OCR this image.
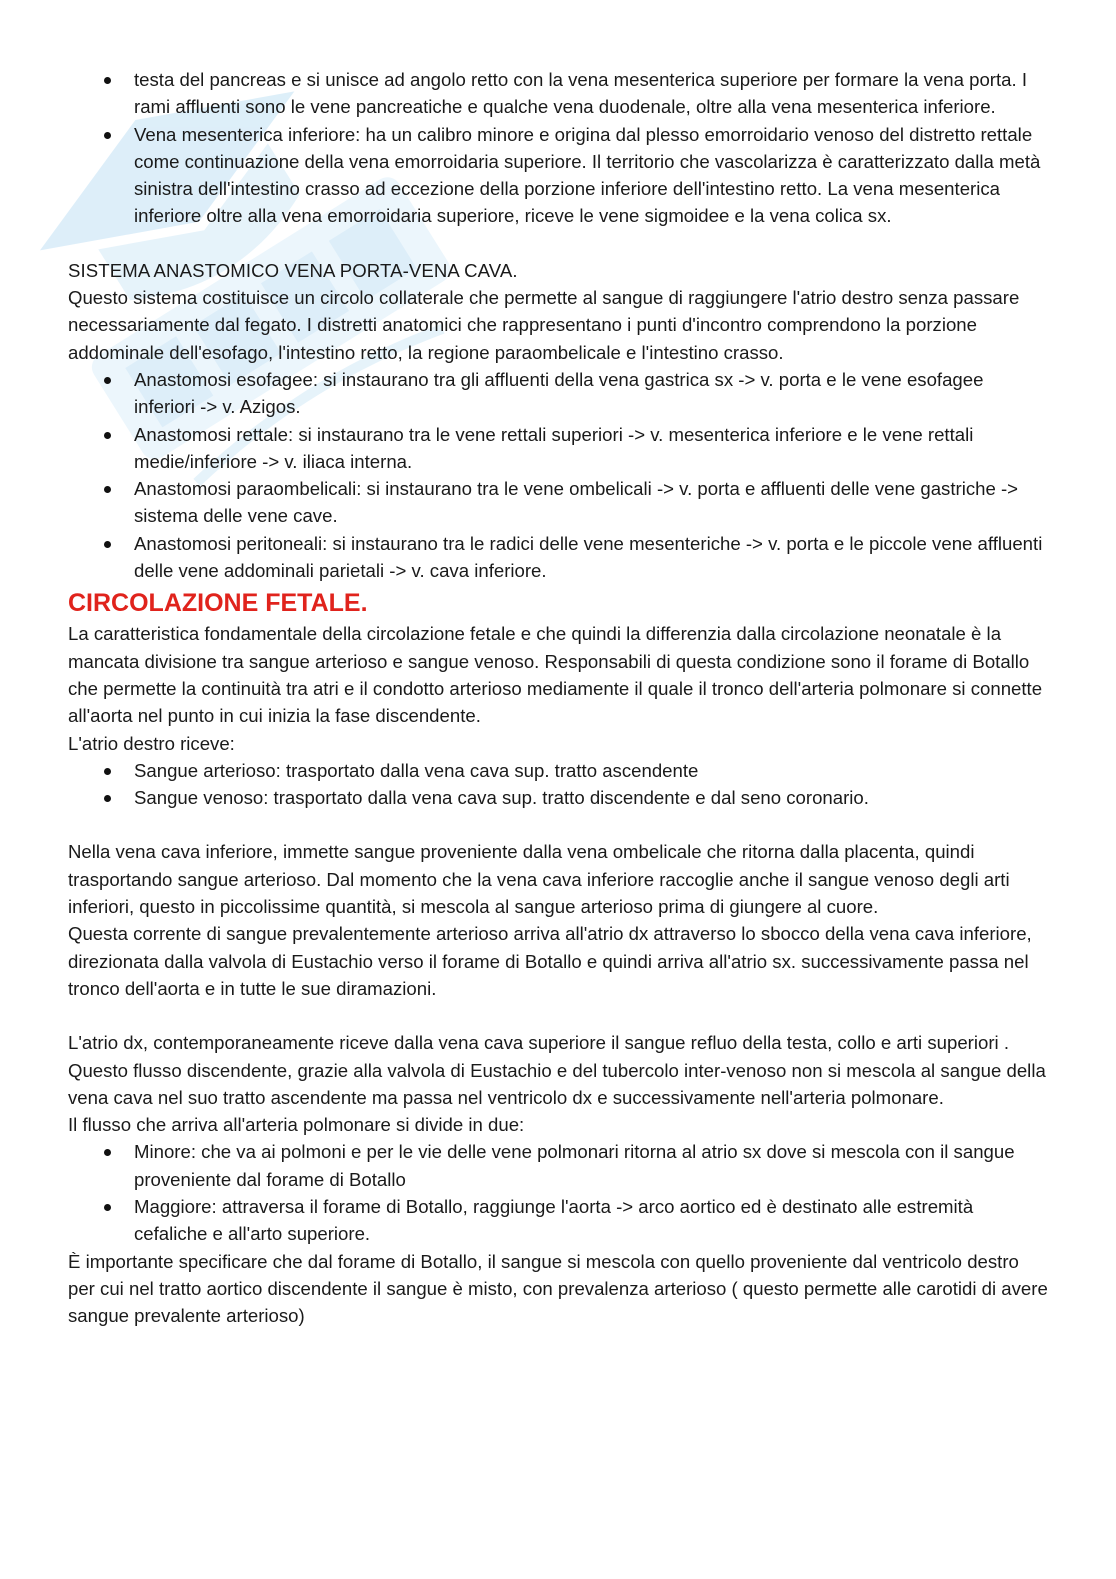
testa del pancreas e si unisce ad angolo retto con la vena mesenterica superiore per formare la vena porta. I rami affluenti sono le vene pancreatiche e qualche vena duodenale, oltre alla vena mesenterica inferiore.
Vena mesenterica inferiore: ha un calibro minore e origina dal plesso emorroidario venoso del distretto rettale come continuazione della vena emorroidaria superiore. Il territorio che vascolarizza è caratterizzato dalla metà sinistra dell'intestino crasso ad eccezione della porzione inferiore dell'intestino retto. La vena mesenterica inferiore oltre alla vena emorroidaria superiore, riceve le vene sigmoidee e la vena colica sx.

SISTEMA ANASTOMICO VENA PORTA-VENA CAVA.

Questo sistema costituisce un circolo collaterale che permette al sangue di raggiungere l'atrio destro senza passare necessariamente dal fegato. I distretti anatomici che rappresentano i punti d'incontro comprendono la porzione addominale dell'esofago, l'intestino retto, la regione paraombelicale e l'intestino crasso.

Anastomosi esofagee: si instaurano tra gli affluenti della vena gastrica sx -> v. porta e le vene esofagee inferiori -> v. Azigos.
Anastomosi rettale: si instaurano tra le vene rettali superiori -> v. mesenterica inferiore e le vene rettali medie/inferiore -> v. iliaca interna.
Anastomosi paraombelicali: si instaurano tra le vene ombelicali -> v. porta e affluenti delle vene gastriche -> sistema delle vene cave.
Anastomosi peritoneali: si instaurano tra le radici delle vene mesenteriche -> v. porta e le piccole vene affluenti delle vene addominali parietali -> v. cava inferiore.

CIRCOLAZIONE FETALE.

La caratteristica fondamentale della circolazione fetale e che quindi la differenzia dalla circolazione neonatale è la mancata divisione tra sangue arterioso e sangue venoso. Responsabili di questa condizione sono il forame di Botallo che permette la continuità tra atri e il condotto arterioso mediamente il quale il tronco dell'arteria polmonare si connette all'aorta nel punto in cui inizia la fase discendente.

L'atrio destro riceve:

Sangue arterioso: trasportato dalla vena cava sup. tratto ascendente
Sangue venoso: trasportato dalla vena cava sup. tratto discendente e dal seno coronario.

Nella vena cava inferiore, immette sangue proveniente dalla vena ombelicale che ritorna dalla placenta, quindi trasportando sangue arterioso. Dal momento che la vena cava inferiore raccoglie anche il sangue venoso degli arti inferiori, questo in piccolissime quantità, si mescola al sangue arterioso prima di giungere al cuore.

Questa corrente di sangue prevalentemente arterioso arriva all'atrio dx attraverso lo sbocco della vena cava inferiore, direzionata dalla valvola di Eustachio verso il forame di Botallo e quindi arriva all'atrio sx. successivamente passa nel tronco dell'aorta e in tutte le sue diramazioni.

L'atrio dx, contemporaneamente riceve dalla vena cava superiore il sangue refluo della testa, collo e arti superiori . Questo flusso discendente, grazie alla valvola di Eustachio e del tubercolo inter-venoso non si mescola al sangue della vena cava nel suo tratto ascendente ma passa nel ventricolo dx e successivamente nell'arteria polmonare.

Il flusso che arriva all'arteria polmonare si divide in due:

Minore: che va ai polmoni e per le vie delle vene polmonari ritorna al atrio sx dove si mescola con il sangue proveniente dal forame di Botallo
Maggiore: attraversa il forame di Botallo, raggiunge l'aorta -> arco aortico ed è destinato alle estremità cefaliche e all'arto superiore.

È importante specificare che dal forame di Botallo, il sangue si mescola con quello proveniente dal ventricolo destro per cui nel tratto aortico discendente il sangue è misto, con prevalenza arterioso ( questo permette alle carotidi di avere sangue prevalente arterioso)
